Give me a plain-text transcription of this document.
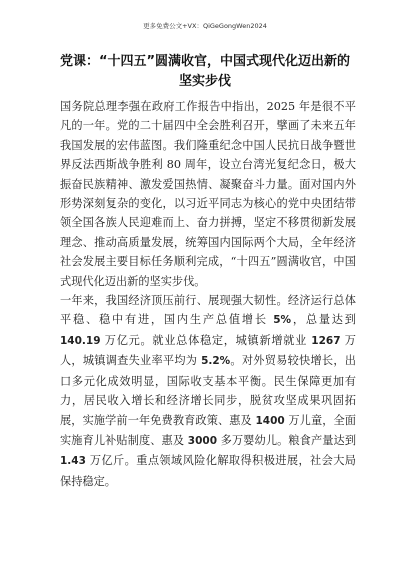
更多免费公文+VX：QiGeGongWen2024
党课：“十四五”圆满收官，中国式现代化迈出新的坚实步伐

国务院总理李强在政府工作报告中指出，2025 年是很不平凡的一年。党的二十届四中全会胜利召开，擘画了未来五年我国发展的宏伟蓝图。我们隆重纪念中国人民抗日战争暨世界反法西斯战争胜利 80 周年，设立台湾光复纪念日，极大振奋民族精神、激发爱国热情、凝聚奋斗力量。面对国内外形势深刻复杂的变化，以习近平同志为核心的党中央团结带领全国各族人民迎难而上、奋力拼搏，坚定不移贯彻新发展理念、推动高质量发展，统筹国内国际两个大局，全年经济社会发展主要目标任务顺利完成，“十四五”圆满收官，中国式现代化迈出新的坚实步伐。

一年来，我国经济顶压前行、展现强大韧性。经济运行总体平稳、稳中有进，国内生产总值增长 5%，总量达到 140.19 万亿元。就业总体稳定，城镇新增就业 1267 万人，城镇调查失业率平均为 5.2%。对外贸易较快增长，出口多元化成效明显，国际收支基本平衡。民生保障更加有力，居民收入增长和经济增长同步，脱贫攻坚成果巩固拓展，实施学前一年免费教育政策、惠及 1400 万儿童，全面实施育儿补贴制度、惠及 3000 多万婴幼儿。粮食产量达到 1.43 万亿斤。重点领域风险化解取得积极进展，社会大局保持稳定。
